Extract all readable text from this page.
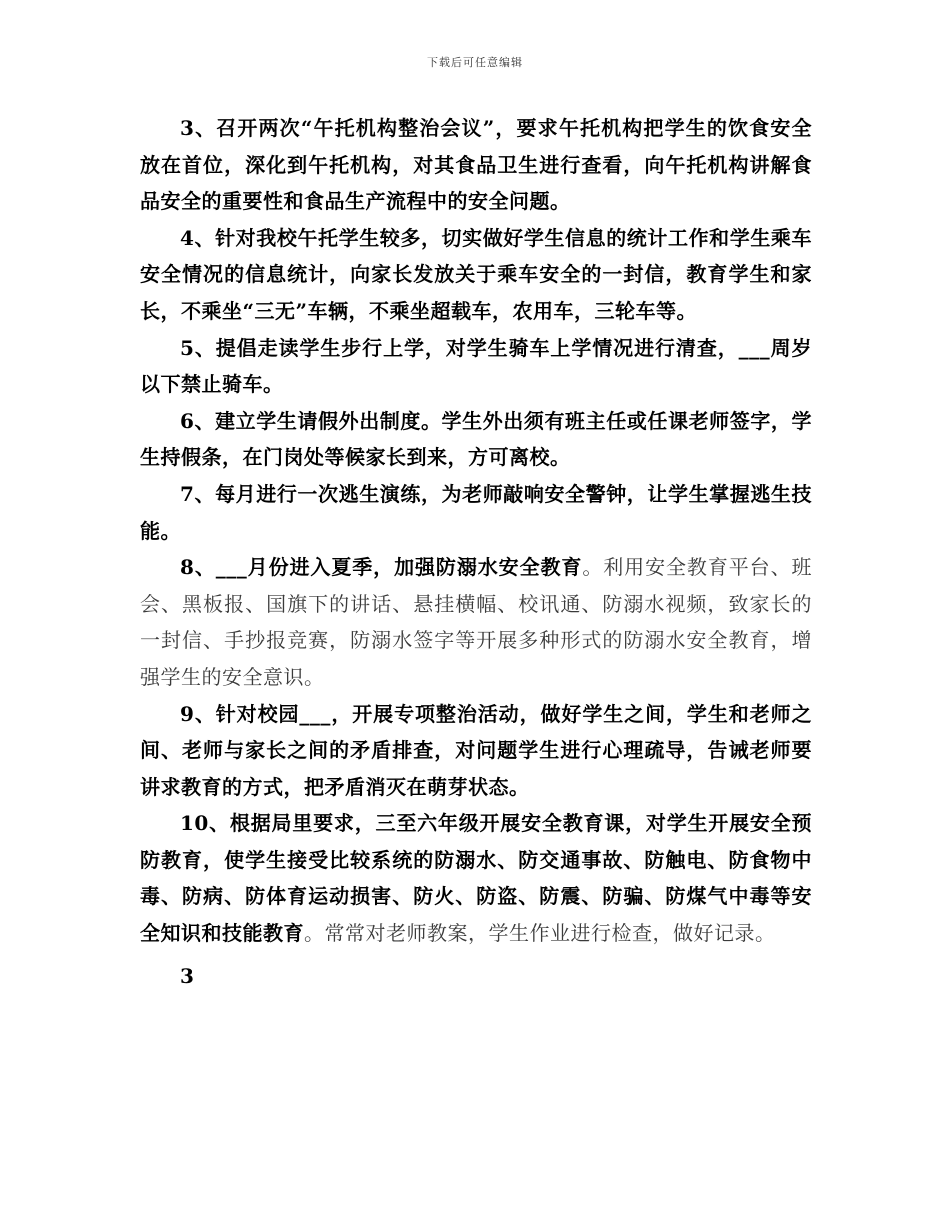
下载后可任意编辑

3、召开两次“午托机构整治会议”，要求午托机构把学生的饮食安全放在首位，深化到午托机构，对其食品卫生进行查看，向午托机构讲解食品安全的重要性和食品生产流程中的安全问题。

4、针对我校午托学生较多，切实做好学生信息的统计工作和学生乘车安全情况的信息统计，向家长发放关于乘车安全的一封信，教育学生和家长，不乘坐“三无”车辆，不乘坐超载车，农用车，三轮车等。

5、提倡走读学生步行上学，对学生骑车上学情况进行清查，___周岁以下禁止骑车。

6、建立学生请假外出制度。学生外出须有班主任或任课老师签字，学生持假条，在门岗处等候家长到来，方可离校。

7、每月进行一次逃生演练，为老师敲响安全警钟，让学生掌握逃生技能。

8、___月份进入夏季，加强防溺水安全教育。利用安全教育平台、班会、黑板报、国旗下的讲话、悬挂横幅、校讯通、防溺水视频，致家长的一封信、手抄报竞赛，防溺水签字等开展多种形式的防溺水安全教育，增强学生的安全意识。

9、针对校园___，开展专项整治活动，做好学生之间，学生和老师之间、老师与家长之间的矛盾排查，对问题学生进行心理疏导，告诫老师要讲求教育的方式，把矛盾消灭在萌芽状态。

10、根据局里要求，三至六年级开展安全教育课，对学生开展安全预防教育，使学生接受比较系统的防溺水、防交通事故、防触电、防食物中毒、防病、防体育运动损害、防火、防盗、防震、防骗、防煤气中毒等安全知识和技能教育。常常对老师教案，学生作业进行检查，做好记录。

3
